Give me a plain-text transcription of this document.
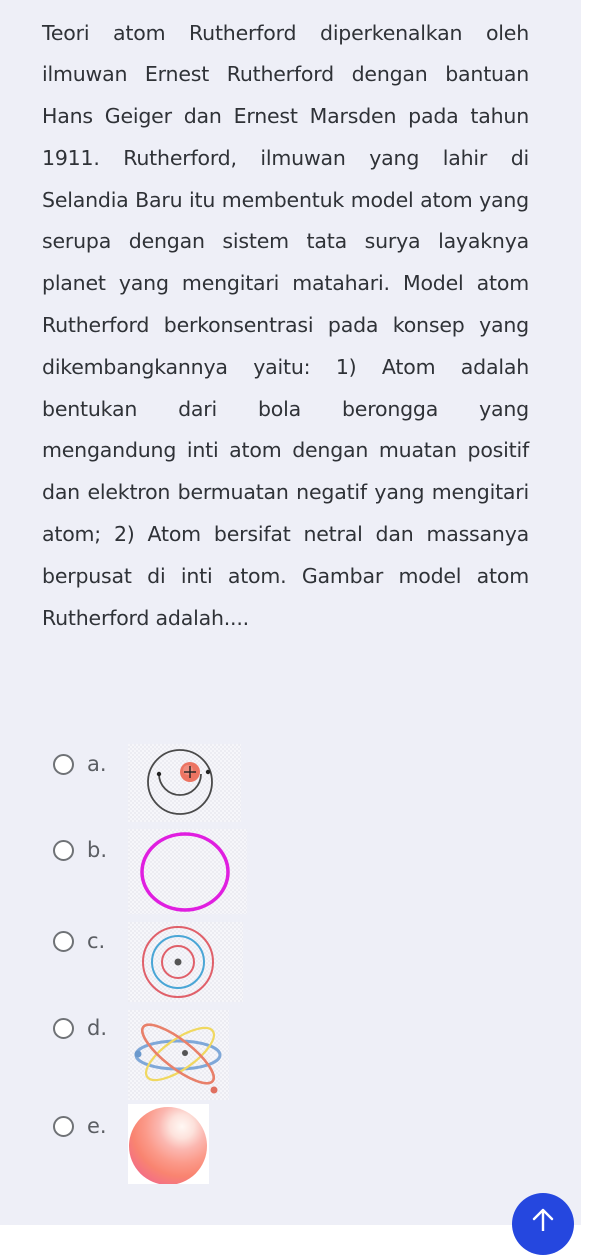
Teori atom Rutherford diperkenalkan oleh ilmuwan Ernest Rutherford dengan bantuan Hans Geiger dan Ernest Marsden pada tahun 1911. Rutherford, ilmuwan yang lahir di Selandia Baru itu membentuk model atom yang serupa dengan sistem tata surya layaknya planet yang mengitari matahari. Model atom Rutherford berkonsentrasi pada konsep yang dikembangkannya yaitu: 1) Atom adalah bentukan dari bola berongga yang mengandung inti atom dengan muatan positif dan elektron bermuatan negatif yang mengitari atom; 2) Atom bersifat netral dan massanya berpusat di inti atom. Gambar model atom Rutherford adalah....

a.
b.
c.
d.
e.
